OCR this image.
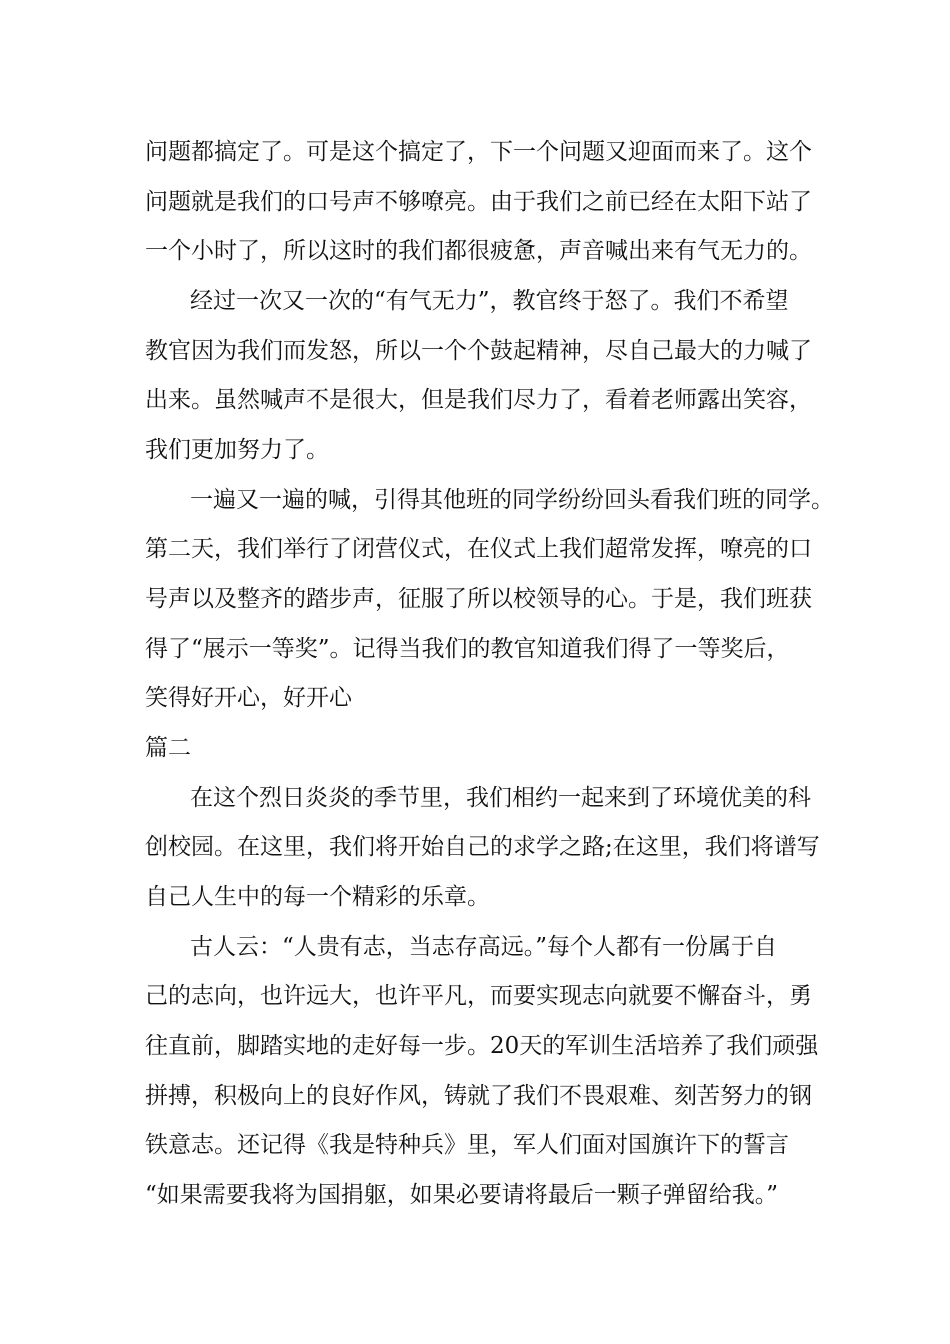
问题都搞定了。可是这个搞定了，下一个问题又迎面而来了。这个
问题就是我们的口号声不够嘹亮。由于我们之前已经在太阳下站了
一个小时了，所以这时的我们都很疲惫，声音喊出来有气无力的。
经过一次又一次的“有气无力”，教官终于怒了。我们不希望
教官因为我们而发怒，所以一个个鼓起精神，尽自己最大的力喊了
出来。虽然喊声不是很大，但是我们尽力了，看着老师露出笑容，
我们更加努力了。
一遍又一遍的喊，引得其他班的同学纷纷回头看我们班的同学。
第二天，我们举行了闭营仪式，在仪式上我们超常发挥，嘹亮的口
号声以及整齐的踏步声，征服了所以校领导的心。于是，我们班获
得了“展示一等奖”。记得当我们的教官知道我们得了一等奖后，
笑得好开心，好开心
篇二
在这个烈日炎炎的季节里，我们相约一起来到了环境优美的科
创校园。在这里，我们将开始自己的求学之路;在这里，我们将谱写
自己人生中的每一个精彩的乐章。
古人云：“人贵有志，当志存高远。”每个人都有一份属于自
己的志向，也许远大，也许平凡，而要实现志向就要不懈奋斗，勇
往直前，脚踏实地的走好每一步。20天的军训生活培养了我们顽强
拼搏，积极向上的良好作风，铸就了我们不畏艰难、刻苦努力的钢
铁意志。还记得《我是特种兵》里，军人们面对国旗许下的誓言
“如果需要我将为国捐躯，如果必要请将最后一颗子弹留给我。”
